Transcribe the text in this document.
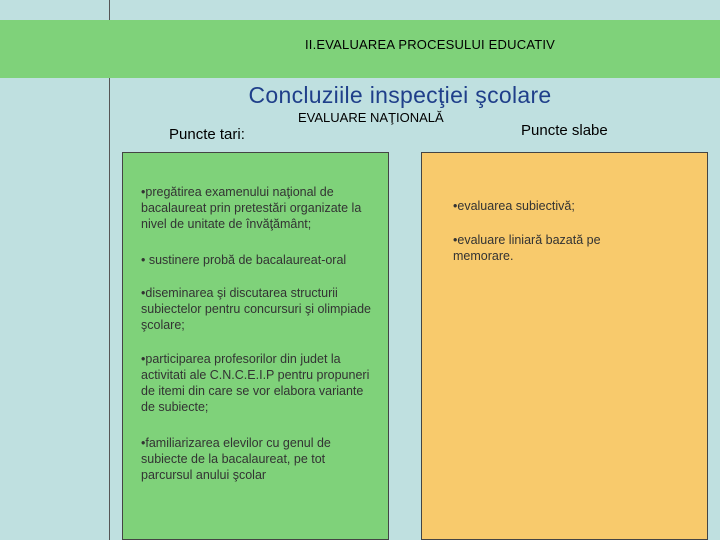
II.EVALUAREA PROCESULUI EDUCATIV
Concluziile inspecţiei şcolare
Puncte tari:
EVALUARE NAŢIONALĂ
Puncte slabe
•pregătirea examenului naţional de bacalaureat prin pretestări organizate la nivel de unitate de învăţământ;
• sustinere probă de bacalaureat-oral
•diseminarea şi discutarea structurii subiectelor pentru concursuri şi olimpiade şcolare;
•participarea profesorilor din judet la activitati ale C.N.C.E.I.P pentru propuneri de itemi din care se vor elabora variante de subiecte;
•familiarizarea elevilor cu genul de subiecte de la bacalaureat, pe tot parcursul anului şcolar
•evaluarea subiectivă;
•evaluare liniară bazată pe memorare.
